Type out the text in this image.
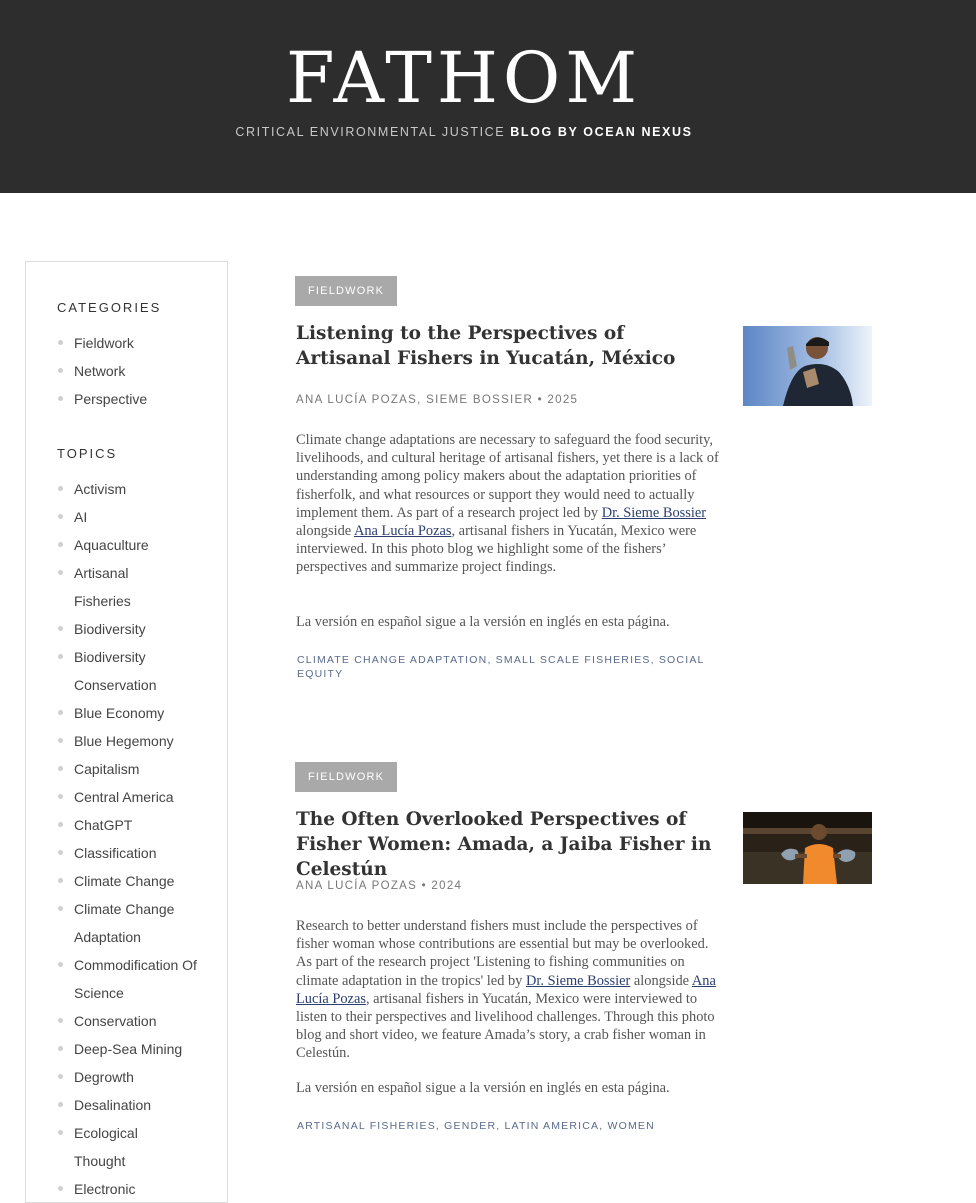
FATHOM
CRITICAL ENVIRONMENTAL JUSTICE BLOG BY OCEAN NEXUS
CATEGORIES
Fieldwork
Network
Perspective
TOPICS
Activism
AI
Aquaculture
Artisanal Fisheries
Biodiversity
Biodiversity Conservation
Blue Economy
Blue Hegemony
Capitalism
Central America
ChatGPT
Classification
Climate Change
Climate Change Adaptation
Commodification Of Science
Conservation
Deep-Sea Mining
Degrowth
Desalination
Ecological Thought
Electronic
FIELDWORK
Listening to the Perspectives of Artisanal Fishers in Yucatán, México
ANA LUCÍA POZAS, SIEME BOSSIER • 2025

Climate change adaptations are necessary to safeguard the food security, livelihoods, and cultural heritage of artisanal fishers, yet there is a lack of understanding among policy makers about the adaptation priorities of fisherfolk, and what resources or support they would need to actually implement them. As part of a research project led by Dr. Sieme Bossier alongside Ana Lucía Pozas, artisanal fishers in Yucatán, Mexico were interviewed. In this photo blog we highlight some of the fishers’ perspectives and summarize project findings.

La versión en español sigue a la versión en inglés en esta página.

CLIMATE CHANGE ADAPTATION, SMALL SCALE FISHERIES, SOCIAL EQUITY
FIELDWORK
The Often Overlooked Perspectives of Fisher Women: Amada, a Jaiba Fisher in Celestún
ANA LUCÍA POZAS • 2024

Research to better understand fishers must include the perspectives of fisher woman whose contributions are essential but may be overlooked. As part of the research project 'Listening to fishing communities on climate adaptation in the tropics' led by Dr. Sieme Bossier alongside Ana Lucía Pozas, artisanal fishers in Yucatán, Mexico were interviewed to listen to their perspectives and livelihood challenges. Through this photo blog and short video, we feature Amada’s story, a crab fisher woman in Celestún.

La versión en español sigue a la versión en inglés en esta página.

ARTISANAL FISHERIES, GENDER, LATIN AMERICA, WOMEN
